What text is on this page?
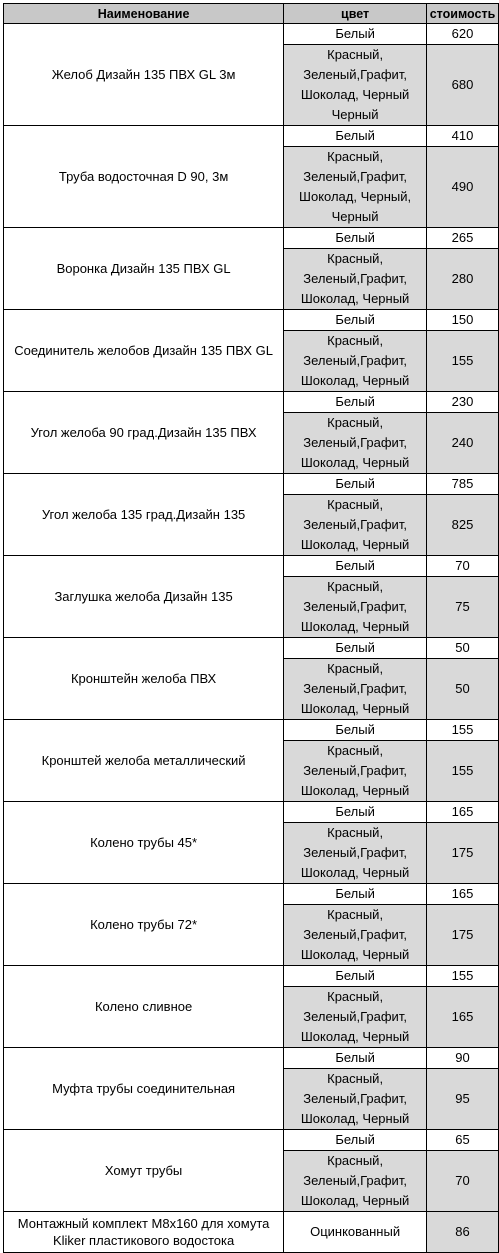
Наименование	цвет	стоимость
Желоб Дизайн 135 ПВХ GL 3м	Белый	620

	Красный,
Зеленый,Графит,
Шоколад, Черный
Черный	680
Труба водосточная D 90, 3м	Белый	410

	Красный,
Зеленый,Графит,
Шоколад, Черный,
Черный	490
Воронка Дизайн 135 ПВХ GL	Белый	265

	Красный,
Зеленый,Графит,
Шоколад, Черный	280
Соединитель желобов Дизайн 135 ПВХ GL	Белый	150

	Красный,
Зеленый,Графит,
Шоколад, Черный	155
Угол желоба 90 град.Дизайн 135 ПВХ	Белый	230

	Красный,
Зеленый,Графит,
Шоколад, Черный	240
Угол желоба 135 град.Дизайн 135	Белый	785

	Красный,
Зеленый,Графит,
Шоколад, Черный	825
Заглушка желоба Дизайн 135	Белый	70

	Красный,
Зеленый,Графит,
Шоколад, Черный	75
Кронштейн желоба ПВХ	Белый	50

	Красный,
Зеленый,Графит,
Шоколад, Черный	50
Кронштей желоба металлический	Белый	155

	Красный,
Зеленый,Графит,
Шоколад, Черный	155
Колено трубы 45*	Белый	165

	Красный,
Зеленый,Графит,
Шоколад, Черный	175
Колено трубы 72*	Белый	165

	Красный,
Зеленый,Графит,
Шоколад, Черный	175
Колено сливное	Белый	155

	Красный,
Зеленый,Графит,
Шоколад, Черный	165
Муфта трубы соединительная	Белый	90

	Красный,
Зеленый,Графит,
Шоколад, Черный	95
Хомут трубы	Белый	65

	Красный,
Зеленый,Графит,
Шоколад, Черный	70

Монтажный комплект M8x160 для хомута
Kliker пластикового водостока	Оцинкованный	86
